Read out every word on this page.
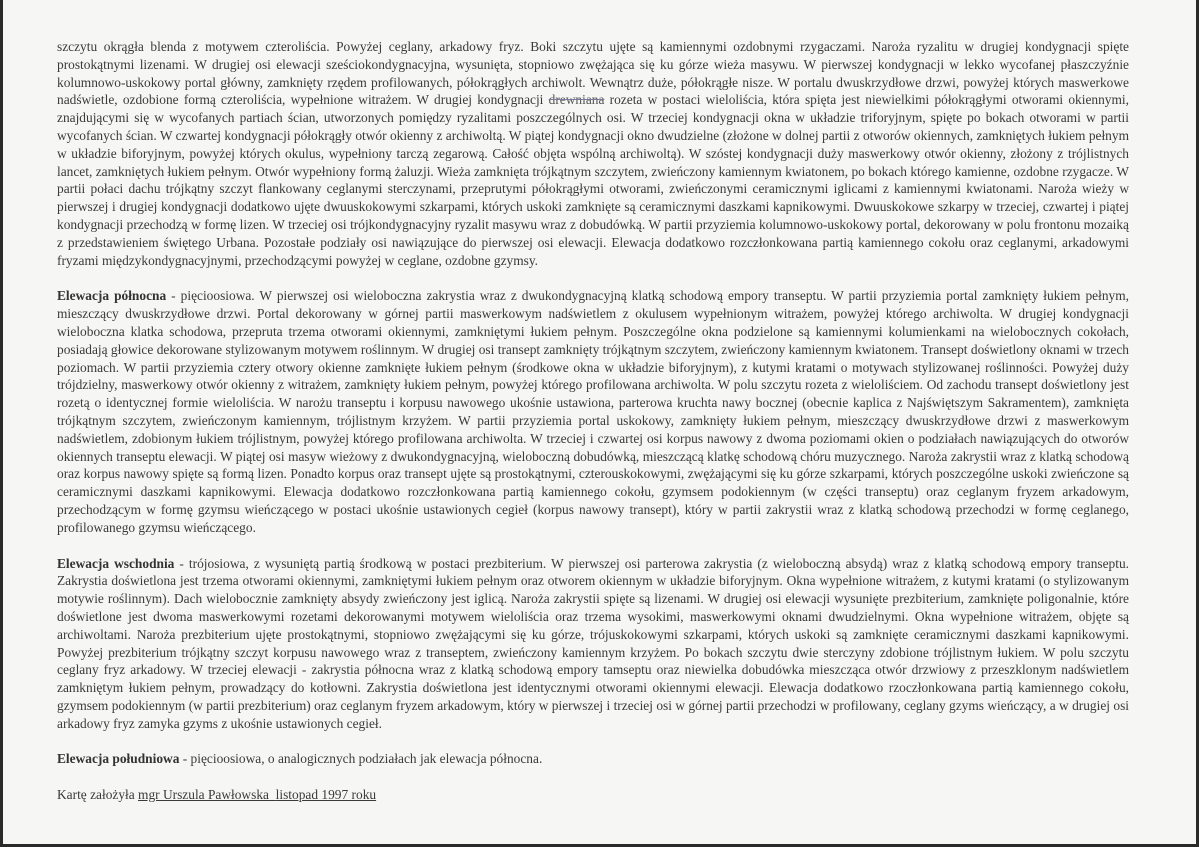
szczytu okrągła blenda z motywem czteroliścia. Powyżej ceglany, arkadowy fryz. Boki szczytu ujęte są kamiennymi ozdobnymi rzygaczami. Naroża ryzalitu w drugiej kondygnacji spięte prostokątnymi lizenami. W drugiej osi elewacji sześciokondygnacyjna, wysunięta, stopniowo zwężająca się ku górze wieża masywu. W pierwszej kondygnacji w lekko wycofanej płaszczyźnie kolumnowo-uskokowy portal główny, zamknięty rzędem profilowanych, półokrągłych archiwolt. Wewnątrz duże, półokrągłe nisze. W portalu dwuskrzydłowe drzwi, powyżej których maswerkowe nadświetle, ozdobione formą czteroliścia, wypełnione witrażem. W drugiej kondygnacji drewniana rozeta w postaci wieloliścia, która spięta jest niewielkimi półokrągłymi otworami okiennymi, znajdującymi się w wycofanych partiach ścian, utworzonych pomiędzy ryzalitami poszczególnych osi. W trzeciej kondygnacji okna w układzie triforyjnym, spięte po bokach otworami w partii wycofanych ścian. W czwartej kondygnacji półokrągły otwór okienny z archiwoltą. W piątej kondygnacji okno dwudzielne (złożone w dolnej partii z otworów okiennych, zamkniętych łukiem pełnym w układzie biforyjnym, powyżej których okulus, wypełniony tarczą zegarową. Całość objęta wspólną archiwoltą). W szóstej kondygnacji duży maswerkowy otwór okienny, złożony z trójlistnych lancet, zamkniętych łukiem pełnym. Otwór wypełniony formą żaluzji. Wieża zamknięta trójkątnym szczytem, zwieńczony kamiennym kwiatonem, po bokach którego kamienne, ozdobne rzygacze. W partii połaci dachu trójkątny szczyt flankowany ceglanymi sterczynami, przeprutymi półokrągłymi otworami, zwieńczonymi ceramicznymi iglicami z kamiennymi kwiatonami. Naroża wieży w pierwszej i drugiej kondygnacji dodatkowo ujęte dwuuskokowymi szkarpami, których uskoki zamknięte są ceramicznymi daszkami kapnikowymi. Dwuuskokowe szkarpy w trzeciej, czwartej i piątej kondygnacji przechodzą w formę lizen. W trzeciej osi trójkondygnacyjny ryzalit masywu wraz z dobudówką. W partii przyziemia kolumnowo-uskokowy portal, dekorowany w polu frontonu mozaiką z przedstawieniem świętego Urbana. Pozostałe podziały osi nawiązujące do pierwszej osi elewacji. Elewacja dodatkowo rozczłonkowana partią kamiennego cokołu oraz ceglanymi, arkadowymi fryzami międzykondygnacyjnymi, przechodzącymi powyżej w ceglane, ozdobne gzymsy.

Elewacja północna - pięcioosiowa. W pierwszej osi wieloboczna zakrystia wraz z dwukondygnacyjną klatką schodową empory transeptu. W partii przyziemia portal zamknięty łukiem pełnym, mieszczący dwuskrzydłowe drzwi. Portal dekorowany w górnej partii maswerkowym nadświetlem z okulusem wypełnionym witrażem, powyżej którego archiwolta. W drugiej kondygnacji wieloboczna klatka schodowa, przeprutа trzema otworami okiennymi, zamkniętymi łukiem pełnym. Poszczególne okna podzielone są kamiennymi kolumienkami na wielobocznych cokołach, posiadają głowice dekorowane stylizowanym motywem roślinnym. W drugiej osi transept zamknięty trójkątnym szczytem, zwieńczony kamiennym kwiatonem. Transept doświetlony oknami w trzech poziomach. W partii przyziemia cztery otwory okienne zamknięte łukiem pełnym (środkowe okna w układzie biforyjnym), z kutymi kratami o motywach stylizowanej roślinności. Powyżej duży trójdzielny, maswerkowy otwór okienny z witrażem, zamknięty łukiem pełnym, powyżej którego profilowana archiwolta. W polu szczytu rozeta z wieloliściem. Od zachodu transept doświetlony jest rozetą o identycznej formie wieloliścia. W narożu transeptu i korpusu nawowego ukośnie ustawiona, parterowa kruchta nawy bocznej (obecnie kaplica z Najświętszym Sakramentem), zamknięta trójkątnym szczytem, zwieńczonym kamiennym, trójlistnym krzyżem. W partii przyziemia portal uskokowy, zamknięty łukiem pełnym, mieszczący dwuskrzydłowe drzwi z maswerkowym nadświetlem, zdobionym łukiem trójlistnym, powyżej którego profilowana archiwolta. W trzeciej i czwartej osi korpus nawowy z dwoma poziomami okien o podziałach nawiązujących do otworów okiennych transeptu elewacji. W piątej osi masyw wieżowy z dwukondygnacyjną, wieloboczną dobudówką, mieszczącą klatkę schodową chóru muzycznego. Naroża zakrystii wraz z klatką schodową oraz korpus nawowy spięte są formą lizen. Ponadto korpus oraz transept ujęte są prostokątnymi, czterouskokowymi, zwężającymi się ku górze szkarpami, których poszczególne uskoki zwieńczone są ceramicznymi daszkami kapnikowymi. Elewacja dodatkowo rozczłonkowana partią kamiennego cokołu, gzymsem podokiennym (w części transeptu) oraz ceglanym fryzem arkadowym, przechodzącym w formę gzymsu wieńczącego w postaci ukośnie ustawionych cegieł (korpus nawowy transept), który w partii zakrystii wraz z klatką schodową przechodzi w formę ceglanego, profilowanego gzymsu wieńczącego.

Elewacja wschodnia - trójosiowa, z wysuniętą partią środkową w postaci prezbiterium. W pierwszej osi parterowa zakrystia (z wieloboczną absydą) wraz z klatką schodową empory transeptu. Zakrystia doświetlona jest trzema otworami okiennymi, zamkniętymi łukiem pełnym oraz otworem okiennym w układzie biforyjnym. Okna wypełnione witrażem, z kutymi kratami (o stylizowanym motywie roślinnym). Dach wielobocznie zamknięty absydy zwieńczony jest iglicą. Naroża zakrystii spięte są lizenami. W drugiej osi elewacji wysunięte prezbiterium, zamknięte poligonalnie, które doświetlone jest dwoma maswerkowymi rozetami dekorowanymi motywem wieloliścia oraz trzema wysokimi, maswerkowymi oknami dwudzielnymi. Okna wypełnione witrażem, objęte są archiwoltami. Naroża prezbiterium ujęte prostokątnymi, stopniowo zwężającymi się ku górze, trójuskokowymi szkarpami, których uskoki są zamknięte ceramicznymi daszkami kapnikowymi. Powyżej prezbiterium trójkątny szczyt korpusu nawowego wraz z transeptem, zwieńczony kamiennym krzyżem. Po bokach szczytu dwie sterczyny zdobione trójlistnym łukiem. W polu szczytu ceglany fryz arkadowy. W trzeciej elewacji - zakrystia północna wraz z klatką schodową empory tamseptu oraz niewielka dobudówka mieszcząca otwór drzwiowy z przeszklonym nadświetlem zamkniętym łukiem pełnym, prowadzący do kotłowni. Zakrystia doświetlona jest identycznymi otworami okiennymi elewacji. Elewacja dodatkowo rzoczłonkowana partią kamiennego cokołu, gzymsem podokiennym (w partii prezbiterium) oraz ceglanym fryzem arkadowym, który w pierwszej i trzeciej osi w górnej partii przechodzi w profilowany, ceglany gzyms wieńczący, a w drugiej osi arkadowy fryz zamyka gzyms z ukośnie ustawionych cegieł.

Elewacja południowa - pięcioosiowa, o analogicznych podziałach jak elewacja północna.

Kartę założyła mgr Urszula Pawłowska listopad 1997 roku
